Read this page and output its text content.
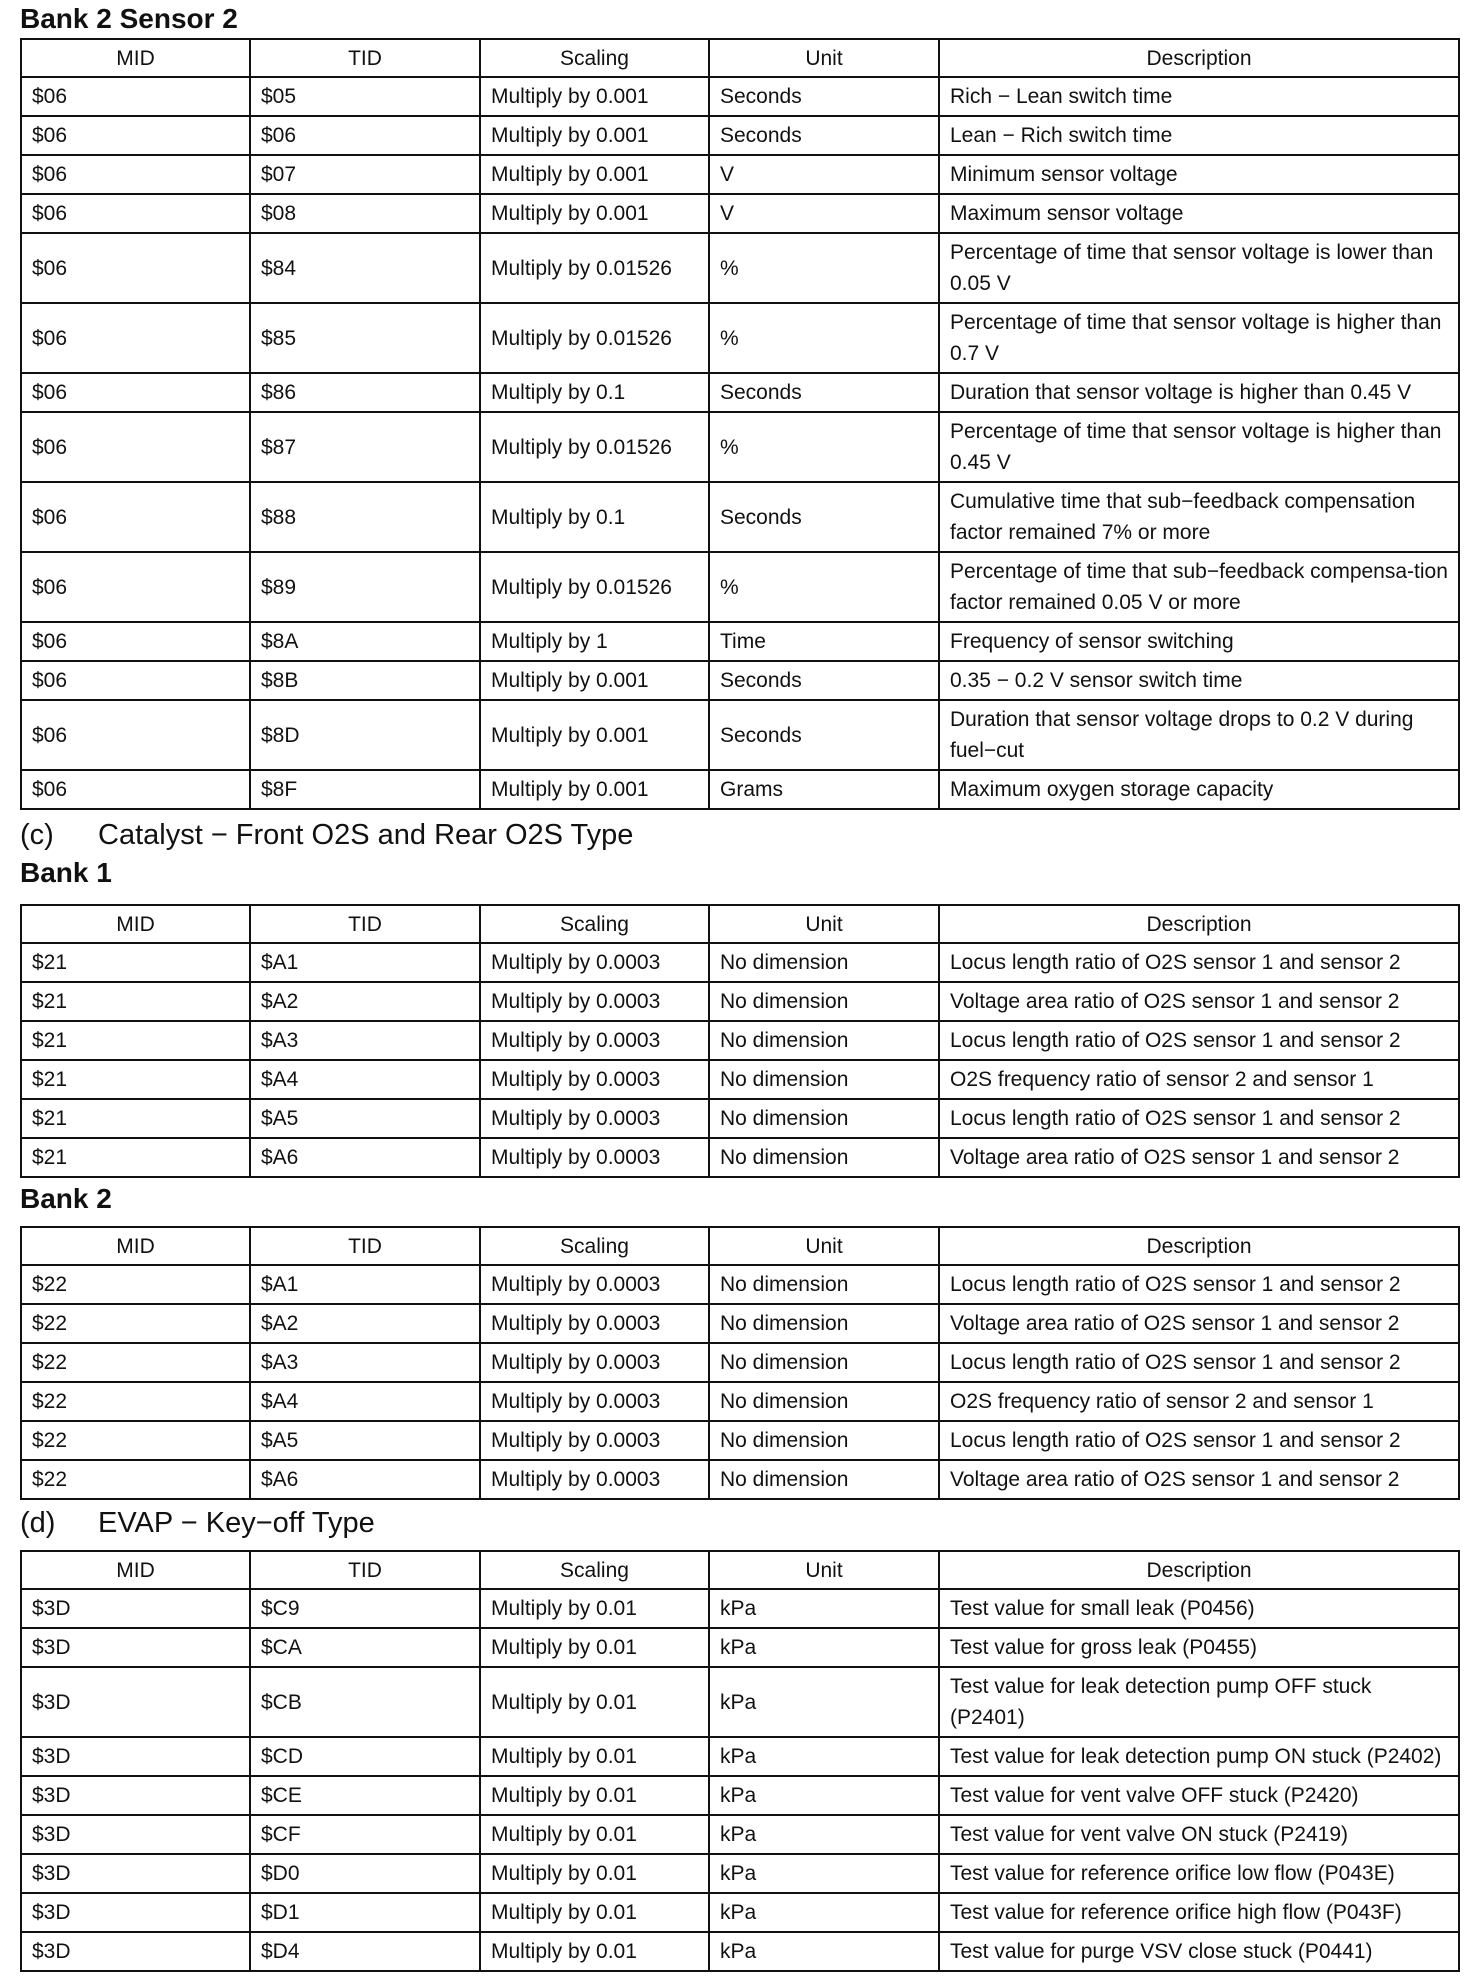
Bank 2 Sensor 2
MID	TID	Scaling	Unit	Description
$06	$05	Multiply by 0.001	Seconds	Rich − Lean switch time
$06	$06	Multiply by 0.001	Seconds	Lean − Rich switch time
$06	$07	Multiply by 0.001	V	Minimum sensor voltage
$06	$08	Multiply by 0.001	V	Maximum sensor voltage
$06	$84	Multiply by 0.01526	%	Percentage of time that sensor voltage is lower than 0.05 V
$06	$85	Multiply by 0.01526	%	Percentage of time that sensor voltage is higher than 0.7 V
$06	$86	Multiply by 0.1	Seconds	Duration that sensor voltage is higher than 0.45 V
$06	$87	Multiply by 0.01526	%	Percentage of time that sensor voltage is higher than 0.45 V
$06	$88	Multiply by 0.1	Seconds	Cumulative time that sub−feedback compensation factor remained 7% or more
$06	$89	Multiply by 0.01526	%	Percentage of time that sub−feedback compensa-tion factor remained 0.05 V or more
$06	$8A	Multiply by 1	Time	Frequency of sensor switching
$06	$8B	Multiply by 0.001	Seconds	0.35 − 0.2 V sensor switch time
$06	$8D	Multiply by 0.001	Seconds	Duration that sensor voltage drops to 0.2 V during fuel−cut
$06	$8F	Multiply by 0.001	Grams	Maximum oxygen storage capacity
(c) Catalyst − Front O2S and Rear O2S Type
Bank 1
MID	TID	Scaling	Unit	Description
$21	$A1	Multiply by 0.0003	No dimension	Locus length ratio of O2S sensor 1 and sensor 2
$21	$A2	Multiply by 0.0003	No dimension	Voltage area ratio of O2S sensor 1 and sensor 2
$21	$A3	Multiply by 0.0003	No dimension	Locus length ratio of O2S sensor 1 and sensor 2
$21	$A4	Multiply by 0.0003	No dimension	O2S frequency ratio of sensor 2 and sensor 1
$21	$A5	Multiply by 0.0003	No dimension	Locus length ratio of O2S sensor 1 and sensor 2
$21	$A6	Multiply by 0.0003	No dimension	Voltage area ratio of O2S sensor 1 and sensor 2
Bank 2
MID	TID	Scaling	Unit	Description
$22	$A1	Multiply by 0.0003	No dimension	Locus length ratio of O2S sensor 1 and sensor 2
$22	$A2	Multiply by 0.0003	No dimension	Voltage area ratio of O2S sensor 1 and sensor 2
$22	$A3	Multiply by 0.0003	No dimension	Locus length ratio of O2S sensor 1 and sensor 2
$22	$A4	Multiply by 0.0003	No dimension	O2S frequency ratio of sensor 2 and sensor 1
$22	$A5	Multiply by 0.0003	No dimension	Locus length ratio of O2S sensor 1 and sensor 2
$22	$A6	Multiply by 0.0003	No dimension	Voltage area ratio of O2S sensor 1 and sensor 2
(d) EVAP − Key−off Type
MID	TID	Scaling	Unit	Description
$3D	$C9	Multiply by 0.01	kPa	Test value for small leak (P0456)
$3D	$CA	Multiply by 0.01	kPa	Test value for gross leak (P0455)
$3D	$CB	Multiply by 0.01	kPa	Test value for leak detection pump OFF stuck (P2401)
$3D	$CD	Multiply by 0.01	kPa	Test value for leak detection pump ON stuck (P2402)
$3D	$CE	Multiply by 0.01	kPa	Test value for vent valve OFF stuck (P2420)
$3D	$CF	Multiply by 0.01	kPa	Test value for vent valve ON stuck (P2419)
$3D	$D0	Multiply by 0.01	kPa	Test value for reference orifice low flow (P043E)
$3D	$D1	Multiply by 0.01	kPa	Test value for reference orifice high flow (P043F)
$3D	$D4	Multiply by 0.01	kPa	Test value for purge VSV close stuck (P0441)
